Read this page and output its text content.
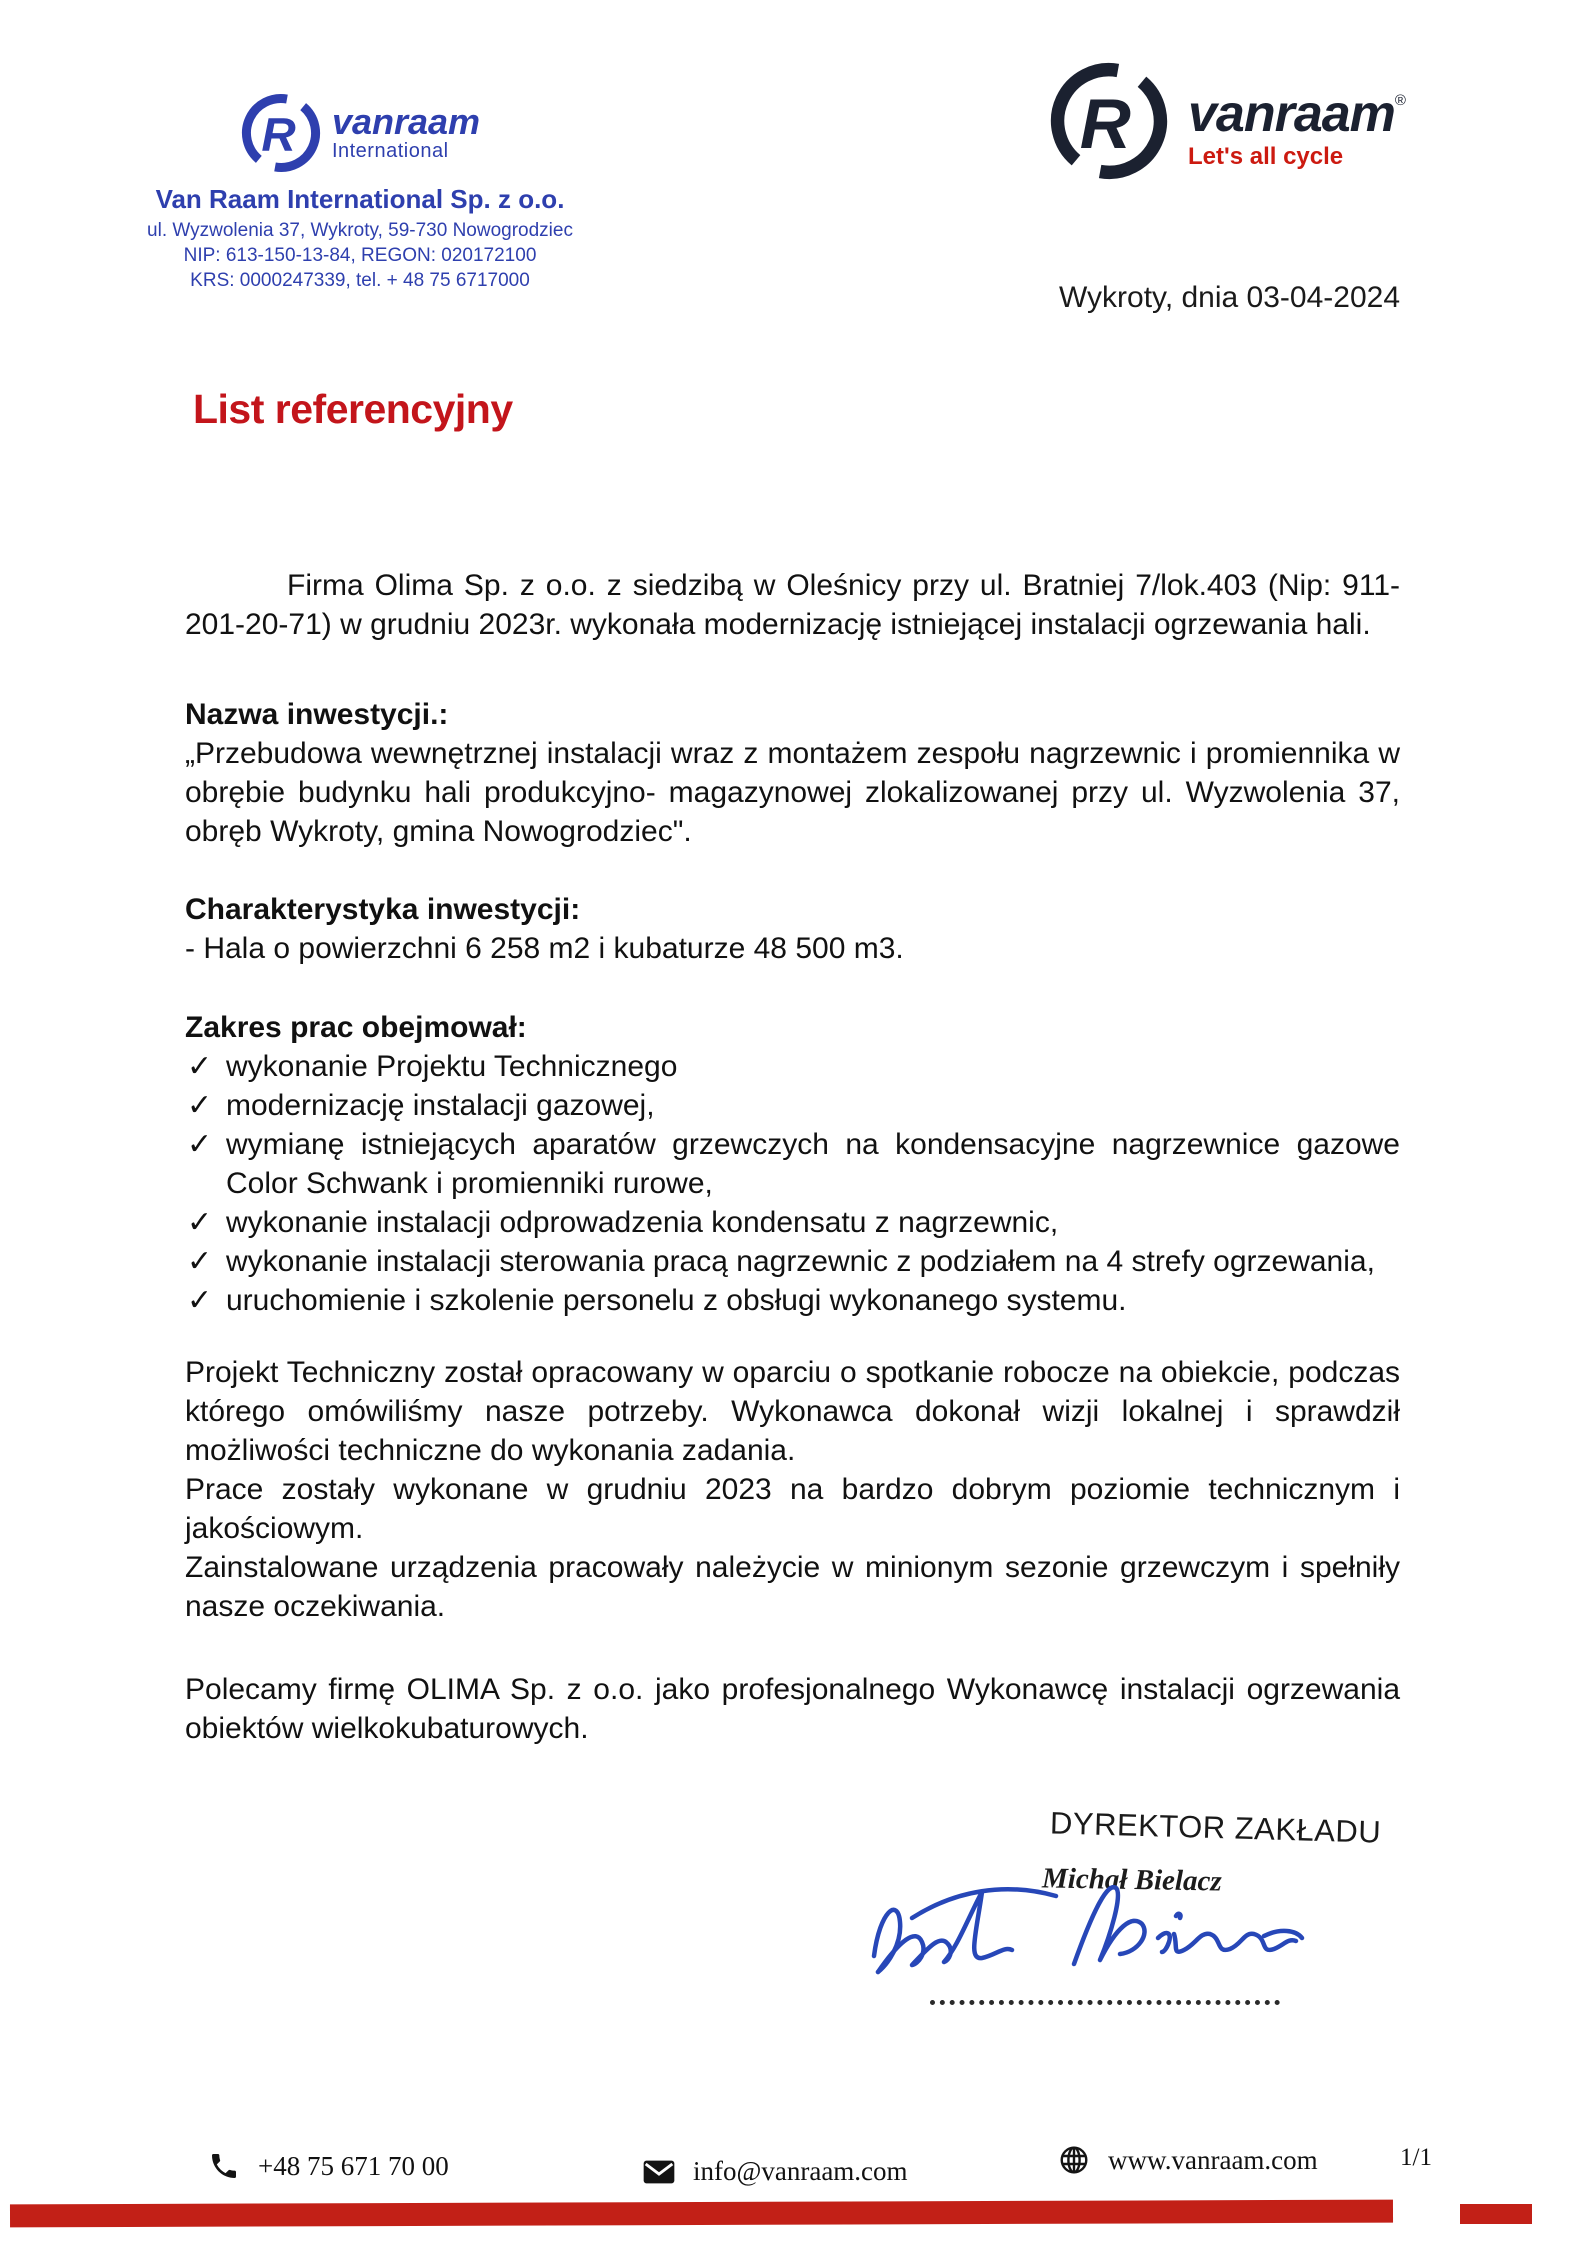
R vanraam
International
Van Raam International Sp. z o.o.
ul. Wyzwolenia 37, Wykroty, 59-730 Nowogrodziec
NIP: 613-150-13-84, REGON: 020172100
KRS: 0000247339, tel. + 48 75 6717000
R vanraam®
Let's all cycle
Wykroty, dnia 03-04-2024
List referencyjny

Firma Olima Sp. z o.o. z siedzibą w Oleśnicy przy ul. Bratniej 7/lok.403 (Nip: 911-201-20-71) w grudniu 2023r. wykonała modernizację istniejącej instalacji ogrzewania hali.

Nazwa inwestycji.:

„Przebudowa wewnętrznej instalacji wraz z montażem zespołu nagrzewnic i promiennika w obrębie budynku hali produkcyjno- magazynowej zlokalizowanej przy ul. Wyzwolenia 37, obręb Wykroty, gmina Nowogrodziec".

Charakterystyka inwestycji:

- Hala o powierzchni 6 258 m2 i kubaturze 48 500 m3.

Zakres prac obejmował:
✓ wykonanie Projektu Technicznego
✓ modernizację instalacji gazowej,
✓ wymianę istniejących aparatów grzewczych na kondensacyjne nagrzewnice gazowe Color Schwank i promienniki rurowe,
✓ wykonanie instalacji odprowadzenia kondensatu z nagrzewnic,
✓ wykonanie instalacji sterowania pracą nagrzewnic z podziałem na 4 strefy ogrzewania,
✓ uruchomienie i szkolenie personelu z obsługi wykonanego systemu.

Projekt Techniczny został opracowany w oparciu o spotkanie robocze na obiekcie, podczas którego omówiliśmy nasze potrzeby. Wykonawca dokonał wizji lokalnej i sprawdził możliwości techniczne do wykonania zadania.

Prace zostały wykonane w grudniu 2023 na bardzo dobrym poziomie technicznym i jakościowym.

Zainstalowane urządzenia pracowały należycie w minionym sezonie grzewczym i spełniły nasze oczekiwania.

Polecamy firmę OLIMA Sp. z o.o. jako profesjonalnego Wykonawcę instalacji ogrzewania obiektów wielkokubaturowych.

DYREKTOR ZAKŁADU
Michał Bielacz
+48 75 671 70 00	info@vanraam.com	www.vanraam.com	1/1
